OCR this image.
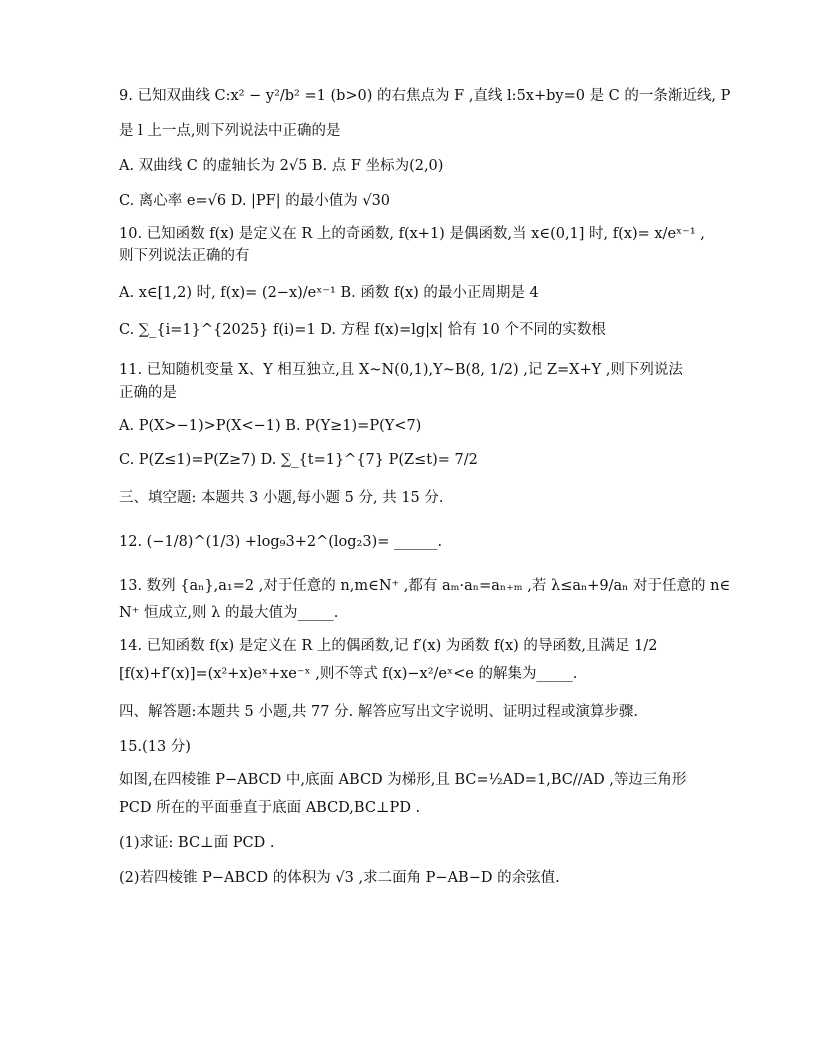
9. 已知双曲线 C:x² − y²/b² =1 (b>0) 的右焦点为 F ,直线 l:5x+by=0 是 C 的一条渐近线, P
是 l 上一点,则下列说法中正确的是
A. 双曲线 C 的虚轴长为 2√5 B. 点 F 坐标为(2,0)
C. 离心率 e=√6 D. |PF| 的最小值为 √30
10. 已知函数 f(x) 是定义在 R 上的奇函数, f(x+1) 是偶函数,当 x∈(0,1] 时, f(x)= x/eˣ⁻¹ ,
则下列说法正确的有
A. x∈[1,2) 时, f(x)= (2−x)/eˣ⁻¹ B. 函数 f(x) 的最小正周期是 4
C. ∑_{i=1}^{2025} f(i)=1 D. 方程 f(x)=lg|x| 恰有 10 个不同的实数根
11. 已知随机变量 X、Y 相互独立,且 X~N(0,1),Y~B(8, 1/2) ,记 Z=X+Y ,则下列说法
正确的是
A. P(X>−1)>P(X<−1) B. P(Y≥1)=P(Y<7)
C. P(Z≤1)=P(Z≥7) D. ∑_{t=1}^{7} P(Z≤t)= 7/2
三、填空题: 本题共 3 小题,每小题 5 分, 共 15 分.
12. (−1/8)^(1/3) +log₉3+2^(log₂3)= ______.
13. 数列 {aₙ},a₁=2 ,对于任意的 n,m∈N⁺ ,都有 aₘ·aₙ=aₙ₊ₘ ,若 λ≤aₙ+9/aₙ 对于任意的 n∈
N⁺ 恒成立,则 λ 的最大值为_____.
14. 已知函数 f(x) 是定义在 R 上的偶函数,记 f′(x) 为函数 f(x) 的导函数,且满足 1/2
[f(x)+f′(x)]=(x²+x)eˣ+xe⁻ˣ ,则不等式 f(x)−x²/eˣ<e 的解集为_____.
四、解答题:本题共 5 小题,共 77 分. 解答应写出文字说明、证明过程或演算步骤.
15.(13 分)
如图,在四棱锥 P−ABCD 中,底面 ABCD 为梯形,且 BC=½AD=1,BC//AD ,等边三角形
PCD 所在的平面垂直于底面 ABCD,BC⊥PD .
(1)求证: BC⊥面 PCD .
(2)若四棱锥 P−ABCD 的体积为 √3 ,求二面角 P−AB−D 的余弦值.
